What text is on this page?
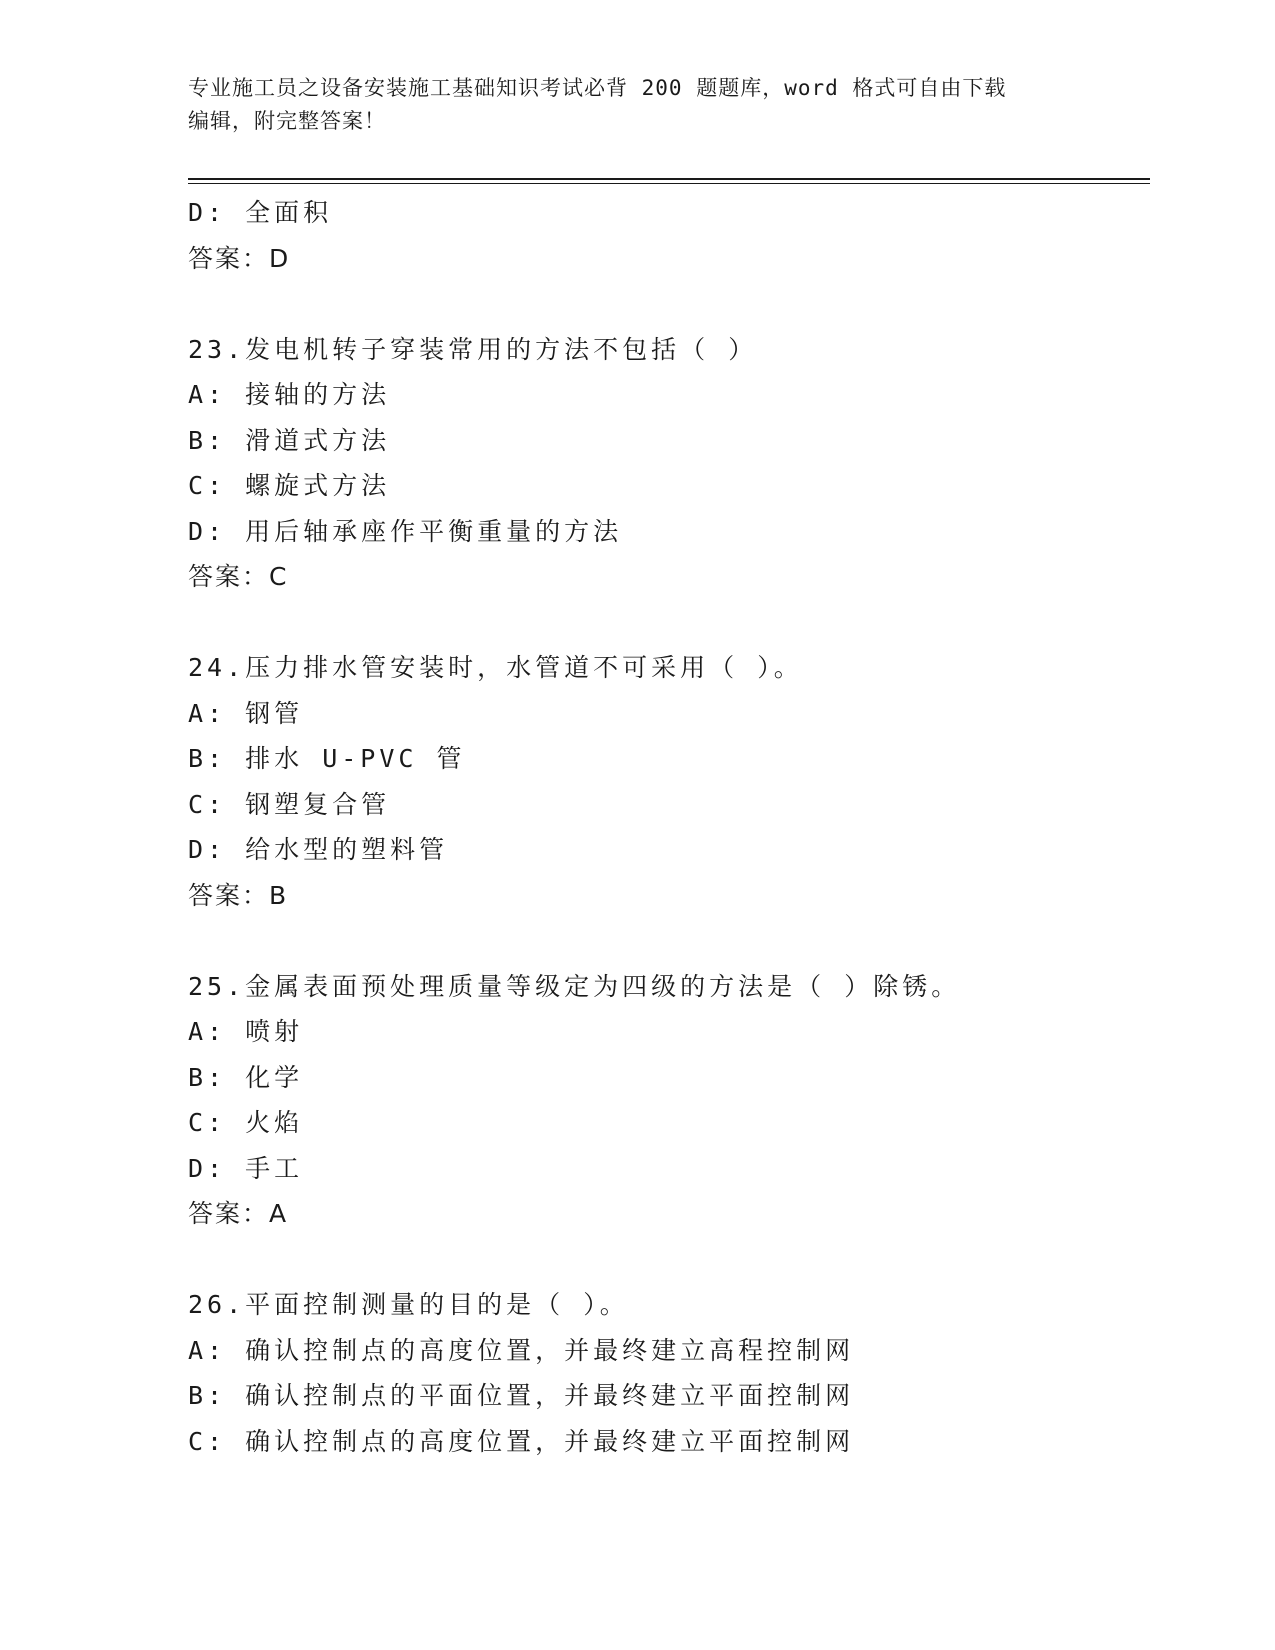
专业施工员之设备安装施工基础知识考试必背 200 题题库，word 格式可自由下载
编辑，附完整答案！
D: 全面积
答案：D
23.发电机转子穿装常用的方法不包括（ ）
A: 接轴的方法
B: 滑道式方法
C: 螺旋式方法
D: 用后轴承座作平衡重量的方法
答案：C
24.压力排水管安装时，水管道不可采用（ ）。
A: 钢管
B: 排水 U-PVC 管
C: 钢塑复合管
D: 给水型的塑料管
答案：B
25.金属表面预处理质量等级定为四级的方法是（ ）除锈。
A: 喷射
B: 化学
C: 火焰
D: 手工
答案：A
26.平面控制测量的目的是（ ）。
A: 确认控制点的高度位置，并最终建立高程控制网
B: 确认控制点的平面位置，并最终建立平面控制网
C: 确认控制点的高度位置，并最终建立平面控制网
